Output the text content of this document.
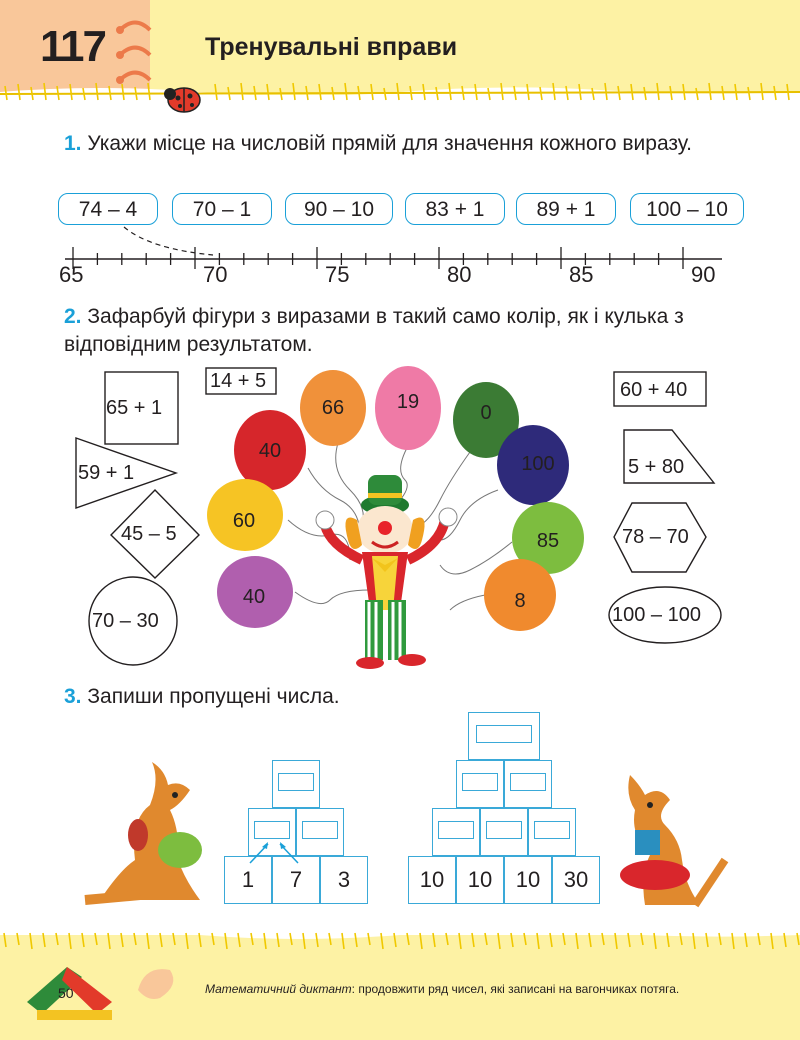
117	Тренувальні вправи
1. Укажи місце на числовій прямій для значення кожного виразу.
74 – 4	70 – 1	90 – 10	83 + 1	89 + 1	100 – 10
65	70	75	80	85	90
2. Зафарбуй фігури з виразами в такий само колір, як і кулька з відповідним результатом.
65 + 1
14 + 5
59 + 1
45 – 5
70 – 30
60 + 40
5 + 80
78 – 70
100 – 100
66	19	0
40
100
60
85
40	8
3. Запиши пропущені числа.
1	7	3	10	10	10	30
50	Математичний диктант: продовжити ряд чисел, які записані на вагончиках потяга.
